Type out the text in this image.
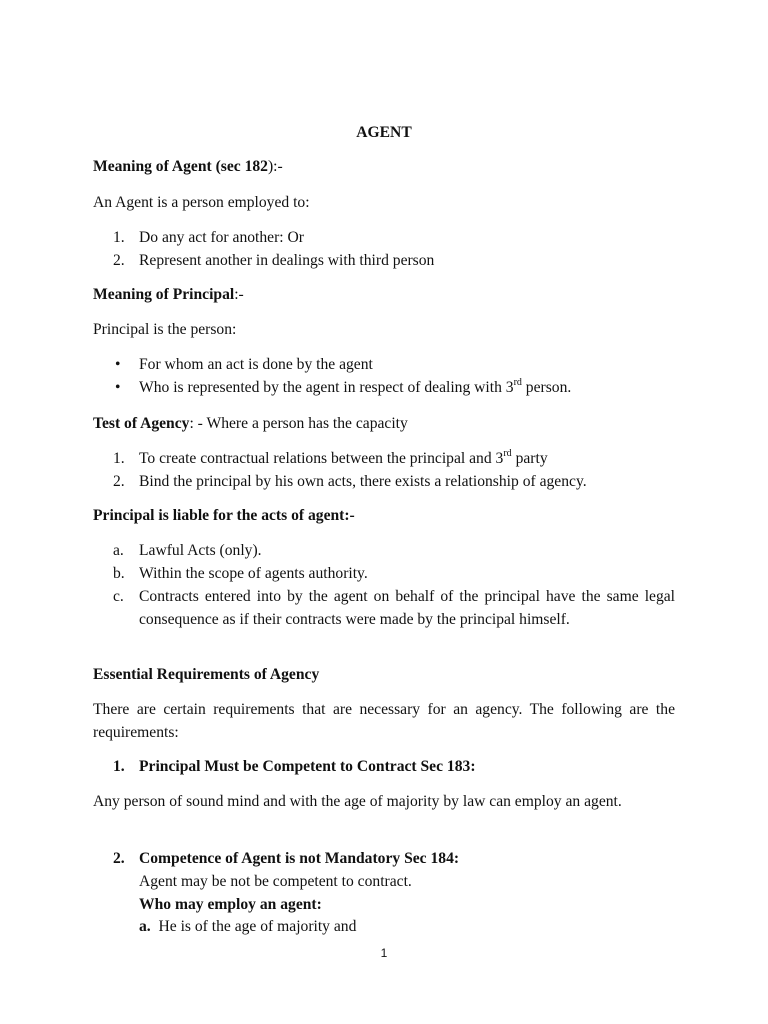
AGENT
Meaning of Agent (sec 182):-
An Agent is a person employed to:
1. Do any act for another: Or
2. Represent another in dealings with third person
Meaning of Principal:-
Principal is the person:
• For whom an act is done by the agent
• Who is represented by the agent in respect of dealing with 3rd person.
Test of Agency: - Where a person has the capacity
1. To create contractual relations between the principal and 3rd party
2. Bind the principal by his own acts, there exists a relationship of agency.
Principal is liable for the acts of agent:-
a. Lawful Acts (only).
b. Within the scope of agents authority.
c. Contracts entered into by the agent on behalf of the principal have the same legal consequence as if their contracts were made by the principal himself.
Essential Requirements of Agency
There are certain requirements that are necessary for an agency. The following are the requirements:
1. Principal Must be Competent to Contract Sec 183:
Any person of sound mind and with the age of majority by law can employ an agent.
2. Competence of Agent is not Mandatory Sec 184:
Agent may be not be competent to contract.
Who may employ an agent:
a. He is of the age of majority and
1
